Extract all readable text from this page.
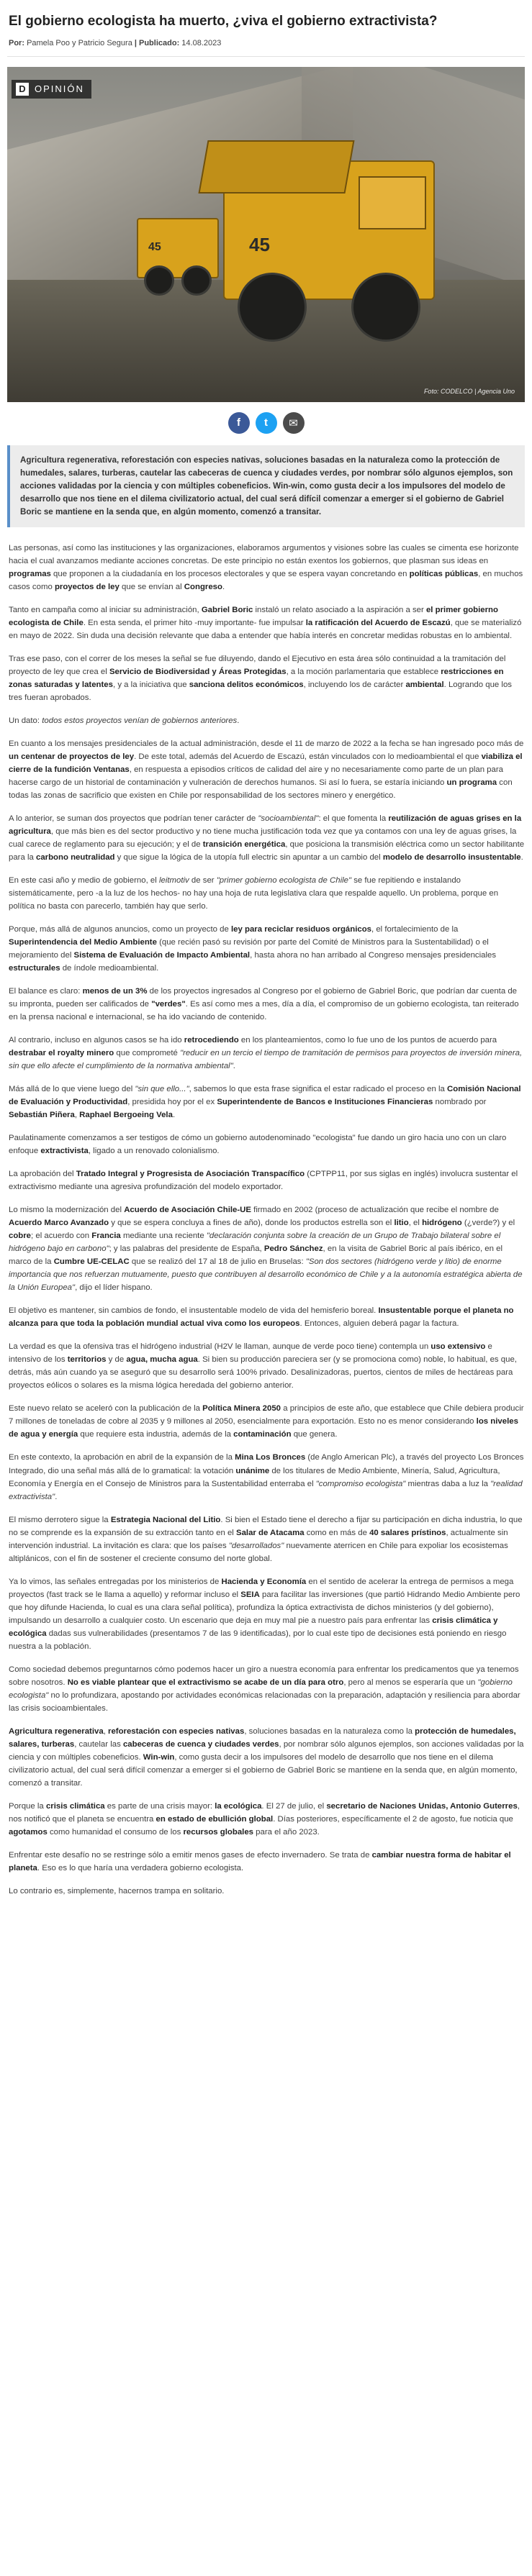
El gobierno ecologista ha muerto, ¿viva el gobierno extractivista?
Por: Pamela Poo y Patricio Segura | Publicado: 14.08.2023
45	45
D OPINIÓN
Foto: CODELCO | Agencia Uno
f t ✉
Agricultura regenerativa, reforestación con especies nativas, soluciones basadas en la naturaleza como la protección de humedales, salares, turberas, cautelar las cabeceras de cuenca y ciudades verdes, por nombrar sólo algunos ejemplos, son acciones validadas por la ciencia y con múltiples cobeneficios. Win-win, como gusta decir a los impulsores del modelo de desarrollo que nos tiene en el dilema civilizatorio actual, del cual será difícil comenzar a emerger si el gobierno de Gabriel Boric se mantiene en la senda que, en algún momento, comenzó a transitar.

Las personas, así como las instituciones y las organizaciones, elaboramos argumentos y visiones sobre las cuales se cimenta ese horizonte hacia el cual avanzamos mediante acciones concretas. De este principio no están exentos los gobiernos, que plasman sus ideas en programas que proponen a la ciudadanía en los procesos electorales y que se espera vayan concretando en políticas públicas, en muchos casos como proyectos de ley que se envían al Congreso.

Tanto en campaña como al iniciar su administración, Gabriel Boric instaló un relato asociado a la aspiración a ser el primer gobierno ecologista de Chile. En esta senda, el primer hito -muy importante- fue impulsar la ratificación del Acuerdo de Escazú, que se materializó en mayo de 2022. Sin duda una decisión relevante que daba a entender que había interés en concretar medidas robustas en lo ambiental.

Tras ese paso, con el correr de los meses la señal se fue diluyendo, dando el Ejecutivo en esta área sólo continuidad a la tramitación del proyecto de ley que crea el Servicio de Biodiversidad y Áreas Protegidas, a la moción parlamentaria que establece restricciones en zonas saturadas y latentes, y a la iniciativa que sanciona delitos económicos, incluyendo los de carácter ambiental. Logrando que los tres fueran aprobados.

Un dato: todos estos proyectos venían de gobiernos anteriores.

En cuanto a los mensajes presidenciales de la actual administración, desde el 11 de marzo de 2022 a la fecha se han ingresado poco más de un centenar de proyectos de ley. De este total, además del Acuerdo de Escazú, están vinculados con lo medioambiental el que viabiliza el cierre de la fundición Ventanas, en respuesta a episodios críticos de calidad del aire y no necesariamente como parte de un plan para hacerse cargo de un historial de contaminación y vulneración de derechos humanos. Si así lo fuera, se estaría iniciando un programa con todas las zonas de sacrificio que existen en Chile por responsabilidad de los sectores minero y energético.

A lo anterior, se suman dos proyectos que podrían tener carácter de "socioambiental": el que fomenta la reutilización de aguas grises en la agricultura, que más bien es del sector productivo y no tiene mucha justificación toda vez que ya contamos con una ley de aguas grises, la cual carece de reglamento para su ejecución; y el de transición energética, que posiciona la transmisión eléctrica como un sector habilitante para la carbono neutralidad y que sigue la lógica de la utopía full electric sin apuntar a un cambio del modelo de desarrollo insustentable.

En este casi año y medio de gobierno, el leitmotiv de ser "primer gobierno ecologista de Chile" se fue repitiendo e instalando sistemáticamente, pero -a la luz de los hechos- no hay una hoja de ruta legislativa clara que respalde aquello. Un problema, porque en política no basta con parecerlo, también hay que serlo.

Porque, más allá de algunos anuncios, como un proyecto de ley para reciclar residuos orgánicos, el fortalecimiento de la Superintendencia del Medio Ambiente (que recién pasó su revisión por parte del Comité de Ministros para la Sustentabilidad) o el mejoramiento del Sistema de Evaluación de Impacto Ambiental, hasta ahora no han arribado al Congreso mensajes presidenciales estructurales de índole medioambiental.

El balance es claro: menos de un 3% de los proyectos ingresados al Congreso por el gobierno de Gabriel Boric, que podrían dar cuenta de su impronta, pueden ser calificados de "verdes". Es así como mes a mes, día a día, el compromiso de un gobierno ecologista, tan reiterado en la prensa nacional e internacional, se ha ido vaciando de contenido.

Al contrario, incluso en algunos casos se ha ido retrocediendo en los planteamientos, como lo fue uno de los puntos de acuerdo para destrabar el royalty minero que comprometé "reducir en un tercio el tiempo de tramitación de permisos para proyectos de inversión minera, sin que ello afecte el cumplimiento de la normativa ambiental".

Más allá de lo que viene luego del "sin que ello...", sabemos lo que esta frase significa el estar radicado el proceso en la Comisión Nacional de Evaluación y Productividad, presidida hoy por el ex Superintendente de Bancos e Instituciones Financieras nombrado por Sebastián Piñera, Raphael Bergoeing Vela.

Paulatinamente comenzamos a ser testigos de cómo un gobierno autodenominado "ecologista" fue dando un giro hacia uno con un claro enfoque extractivista, ligado a un renovado colonialismo.

La aprobación del Tratado Integral y Progresista de Asociación Transpacífico (CPTPP11, por sus siglas en inglés) involucra sustentar el extractivismo mediante una agresiva profundización del modelo exportador.

Lo mismo la modernización del Acuerdo de Asociación Chile-UE firmado en 2002 (proceso de actualización que recibe el nombre de Acuerdo Marco Avanzado y que se espera concluya a fines de año), donde los productos estrella son el litio, el hidrógeno (¿verde?) y el cobre; el acuerdo con Francia mediante una reciente "declaración conjunta sobre la creación de un Grupo de Trabajo bilateral sobre el hidrógeno bajo en carbono"; y las palabras del presidente de España, Pedro Sánchez, en la visita de Gabriel Boric al país ibérico, en el marco de la Cumbre UE-CELAC que se realizó del 17 al 18 de julio en Bruselas: "Son dos sectores (hidrógeno verde y litio) de enorme importancia que nos refuerzan mutuamente, puesto que contribuyen al desarrollo económico de Chile y a la autonomía estratégica abierta de la Unión Europea", dijo el líder hispano.

El objetivo es mantener, sin cambios de fondo, el insustentable modelo de vida del hemisferio boreal. Insustentable porque el planeta no alcanza para que toda la población mundial actual viva como los europeos. Entonces, alguien deberá pagar la factura.

La verdad es que la ofensiva tras el hidrógeno industrial (H2V le llaman, aunque de verde poco tiene) contempla un uso extensivo e intensivo de los territorios y de agua, mucha agua. Si bien su producción pareciera ser (y se promociona como) noble, lo habitual, es que, detrás, más aún cuando ya se aseguró que su desarrollo será 100% privado. Desalinizadoras, puertos, cientos de miles de hectáreas para proyectos eólicos o solares es la misma lógica heredada del gobierno anterior.

Este nuevo relato se aceleró con la publicación de la Política Minera 2050 a principios de este año, que establece que Chile debiera producir 7 millones de toneladas de cobre al 2035 y 9 millones al 2050, esencialmente para exportación. Esto no es menor considerando los niveles de agua y energía que requiere esta industria, además de la contaminación que genera.

En este contexto, la aprobación en abril de la expansión de la Mina Los Bronces (de Anglo American Plc), a través del proyecto Los Bronces Integrado, dio una señal más allá de lo gramatical: la votación unánime de los titulares de Medio Ambiente, Minería, Salud, Agricultura, Economía y Energía en el Consejo de Ministros para la Sustentabilidad enterraba el "compromiso ecologista" mientras daba a luz la "realidad extractivista".

El mismo derrotero sigue la Estrategia Nacional del Litio. Si bien el Estado tiene el derecho a fijar su participación en dicha industria, lo que no se comprende es la expansión de su extracción tanto en el Salar de Atacama como en más de 40 salares prístinos, actualmente sin intervención industrial. La invitación es clara: que los países "desarrollados" nuevamente aterricen en Chile para expoliar los ecosistemas altiplánicos, con el fin de sostener el creciente consumo del norte global.

Ya lo vimos, las señales entregadas por los ministerios de Hacienda y Economía en el sentido de acelerar la entrega de permisos a mega proyectos (fast track se le llama a aquello) y reformar incluso el SEIA para facilitar las inversiones (que partió Hidrando Medio Ambiente pero que hoy difunde Hacienda, lo cual es una clara señal política), profundiza la óptica extractivista de dichos ministerios (y del gobierno), impulsando un desarrollo a cualquier costo. Un escenario que deja en muy mal pie a nuestro país para enfrentar las crisis climática y ecológica dadas sus vulnerabilidades (presentamos 7 de las 9 identificadas), por lo cual este tipo de decisiones está poniendo en riesgo nuestra a la población.

Como sociedad debemos preguntarnos cómo podemos hacer un giro a nuestra economía para enfrentar los predicamentos que ya tenemos sobre nosotros. No es viable plantear que el extractivismo se acabe de un día para otro, pero al menos se esperaría que un "gobierno ecologista" no lo profundizara, apostando por actividades económicas relacionadas con la preparación, adaptación y resiliencia para abordar las crisis socioambientales.

Agricultura regenerativa, reforestación con especies nativas, soluciones basadas en la naturaleza como la protección de humedales, salares, turberas, cautelar las cabeceras de cuenca y ciudades verdes, por nombrar sólo algunos ejemplos, son acciones validadas por la ciencia y con múltiples cobeneficios. Win-win, como gusta decir a los impulsores del modelo de desarrollo que nos tiene en el dilema civilizatorio actual, del cual será difícil comenzar a emerger si el gobierno de Gabriel Boric se mantiene en la senda que, en algún momento, comenzó a transitar.

Porque la crisis climática es parte de una crisis mayor: la ecológica. El 27 de julio, el secretario de Naciones Unidas, Antonio Guterres, nos notificó que el planeta se encuentra en estado de ebullición global. Días posteriores, específicamente el 2 de agosto, fue noticia que agotamos como humanidad el consumo de los recursos globales para el año 2023.

Enfrentar este desafío no se restringe sólo a emitir menos gases de efecto invernadero. Se trata de cambiar nuestra forma de habitar el planeta. Eso es lo que haría una verdadera gobierno ecologista.

Lo contrario es, simplemente, hacernos trampa en solitario.
